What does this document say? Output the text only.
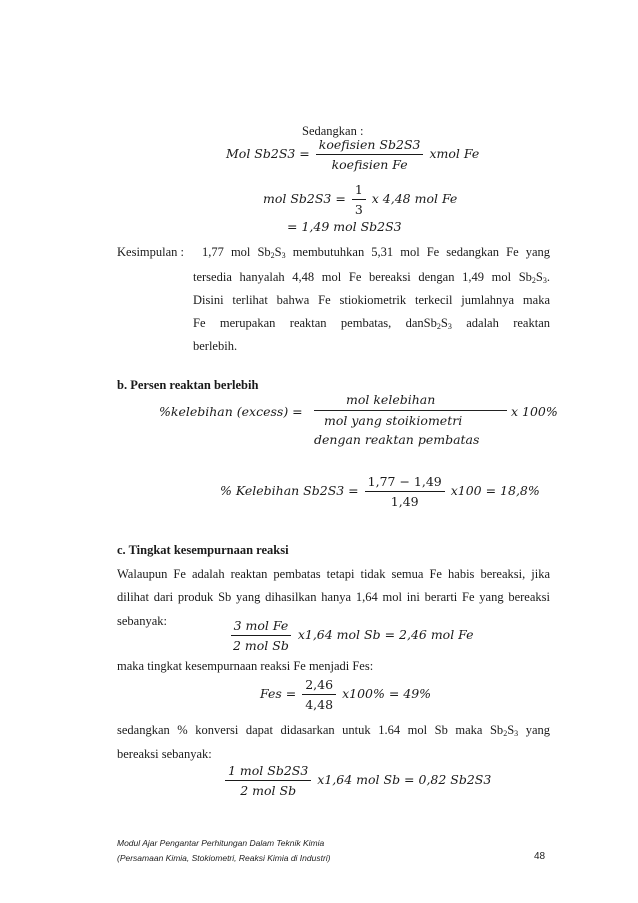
Sedangkan :
Mol $Sb2S3 = \frac{\text{koefisien Sb2S3}}{\text{koefisien Fe}}$ xmol Fe
mol $Sb2S3 = \frac{1}{3}$ x 4,48 mol Fe
= 1,49 mol Sb2S3
Kesimpulan : 1,77 mol $Sb_2S_3$ membutuhkan 5,31 mol Fe sedangkan Fe yang
tersedia hanyalah 4,48 mol Fe bereaksi dengan 1,49 mol $Sb_2S_3$.
Disini terlihat bahwa Fe stiokiometrik terkecil jumlahnya maka
Fe merupakan reaktan pembatas, $danSb_2S_3$ adalah reaktan
berlebih.
b. Persen reaktan berlebih
%kelebihan (excess) =
mol kelebihan
mol yang stoikiometri
dengan reaktan pembatas
x 100%
% Kelebihan $Sb2S3 = \frac{1,77 - 1,49}{1,49} x100 = 18,8\%$
c. Tingkat kesempurnaan reaksi
Walaupun Fe adalah reaktan pembatas tetapi tidak semua Fe habis bereaksi, jika
dilihat dari produk Sb yang dihasilkan hanya 1,64 mol ini berarti Fe yang bereaksi
sebanyak:	$\frac{\text{3 mol Fe}}{\text{2 mol Sb}} x1,64$ mol Sb = 2,46 mol Fe
maka tingkat kesempurnaan reaksi Fe menjadi Fes:
Fes = $\frac{2,46}{4,48} x100\% = 49\%$
sedangkan % konversi dapat didasarkan untuk 1.64 mol Sb maka $Sb_2S_3$ yang
bereaksi sebanyak:
$\frac{\text{1 mol Sb2S3}}{\text{2 mol Sb}} x1,64$ mol Sb = 0,82 Sb2S3
Modul Ajar Pengantar Perhitungan Dalam Teknik Kimia
(Persamaan Kimia, Stokiometri, Reaksi Kimia di Industri)	48
